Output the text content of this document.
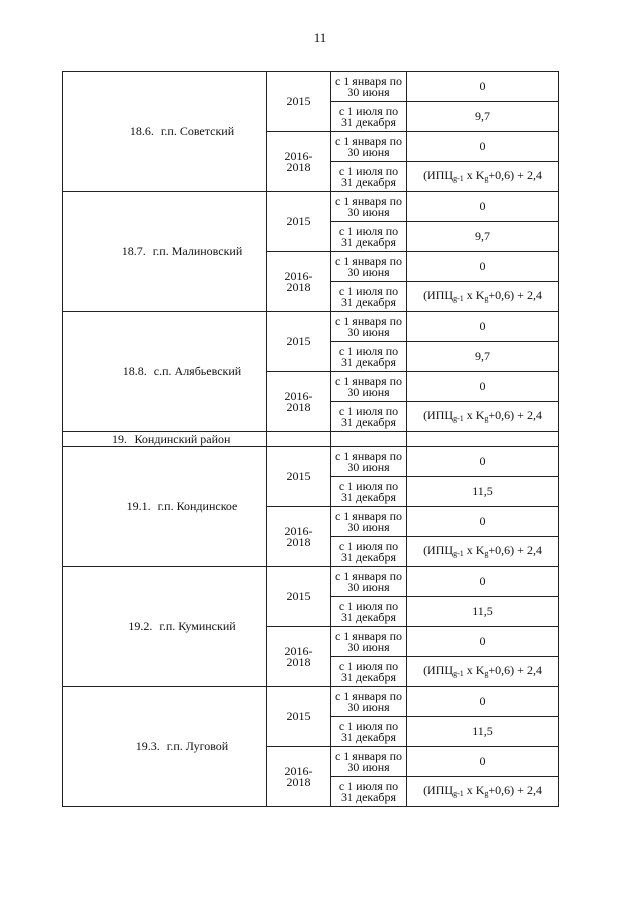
11
18.6. г.п. Советский	2015	с 1 января по
30 июня	0

		с 1 июля по
31 декабря	9,7

	2016-
2018	с 1 января по
30 июня	0

		с 1 июля по
31 декабря	($ИПЦ_{g-1}$ x $K_g+0,6) + 2,4$
18.7. г.п. Малиновский	2015	с 1 января по
30 июня	0

		с 1 июля по
31 декабря	9,7

	2016-
2018	с 1 января по
30 июня	0

		с 1 июля по
31 декабря	($ИПЦ_{g-1}$ x $K_g+0,6) + 2,4$
18.8. с.п. Алябьевский	2015	с 1 января по
30 июня	0

		с 1 июля по
31 декабря	9,7

	2016-
2018	с 1 января по
30 июня	0

		с 1 июля по
31 декабря	($ИПЦ_{g-1}$ x $K_g+0,6) + 2,4$
19. Кондинский район			
19.1. г.п. Кондинское	2015	с 1 января по
30 июня	0

		с 1 июля по
31 декабря	11,5

	2016-
2018	с 1 января по
30 июня	0

		с 1 июля по
31 декабря	($ИПЦ_{g-1}$ x $K_g+0,6) + 2,4$
19.2. г.п. Куминский	2015	с 1 января по
30 июня	0

		с 1 июля по
31 декабря	11,5

	2016-
2018	с 1 января по
30 июня	0

		с 1 июля по
31 декабря	($ИПЦ_{g-1}$ x $K_g+0,6) + 2,4$
19.3. г.п. Луговой	2015	с 1 января по
30 июня	0

		с 1 июля по
31 декабря	11,5

	2016-
2018	с 1 января по
30 июня	0

		с 1 июля по
31 декабря	($ИПЦ_{g-1}$ x $K_g+0,6) + 2,4$
